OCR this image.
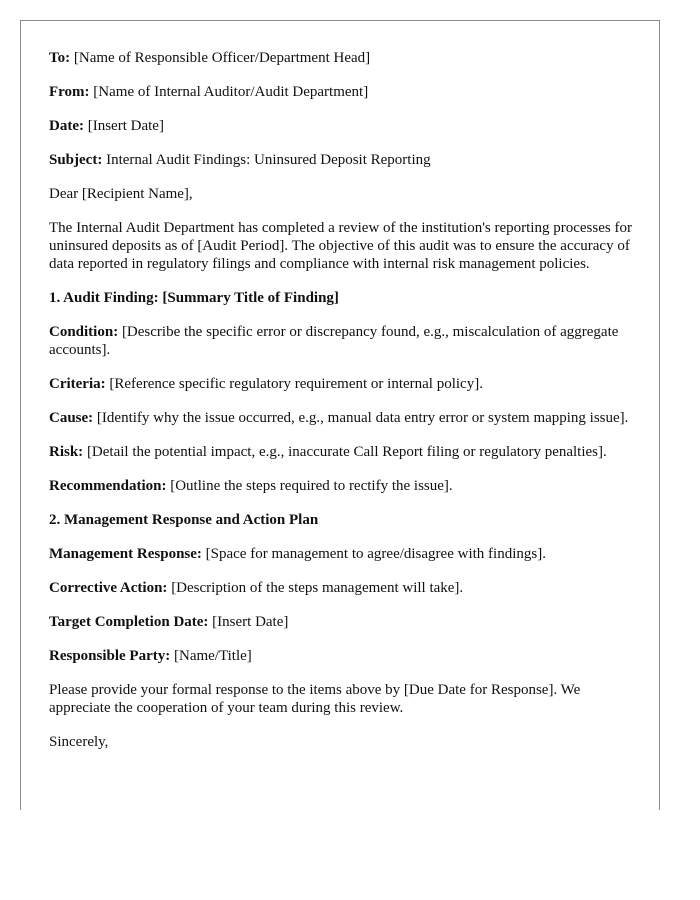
To: [Name of Responsible Officer/Department Head]

From: [Name of Internal Auditor/Audit Department]

Date: [Insert Date]

Subject: Internal Audit Findings: Uninsured Deposit Reporting

Dear [Recipient Name],

The Internal Audit Department has completed a review of the institution's reporting processes for uninsured deposits as of [Audit Period]. The objective of this audit was to ensure the accuracy of data reported in regulatory filings and compliance with internal risk management policies.

1. Audit Finding: [Summary Title of Finding]

Condition: [Describe the specific error or discrepancy found, e.g., miscalculation of aggregate accounts].

Criteria: [Reference specific regulatory requirement or internal policy].

Cause: [Identify why the issue occurred, e.g., manual data entry error or system mapping issue].

Risk: [Detail the potential impact, e.g., inaccurate Call Report filing or regulatory penalties].

Recommendation: [Outline the steps required to rectify the issue].

2. Management Response and Action Plan

Management Response: [Space for management to agree/disagree with findings].

Corrective Action: [Description of the steps management will take].

Target Completion Date: [Insert Date]

Responsible Party: [Name/Title]

Please provide your formal response to the items above by [Due Date for Response]. We appreciate the cooperation of your team during this review.

Sincerely,
